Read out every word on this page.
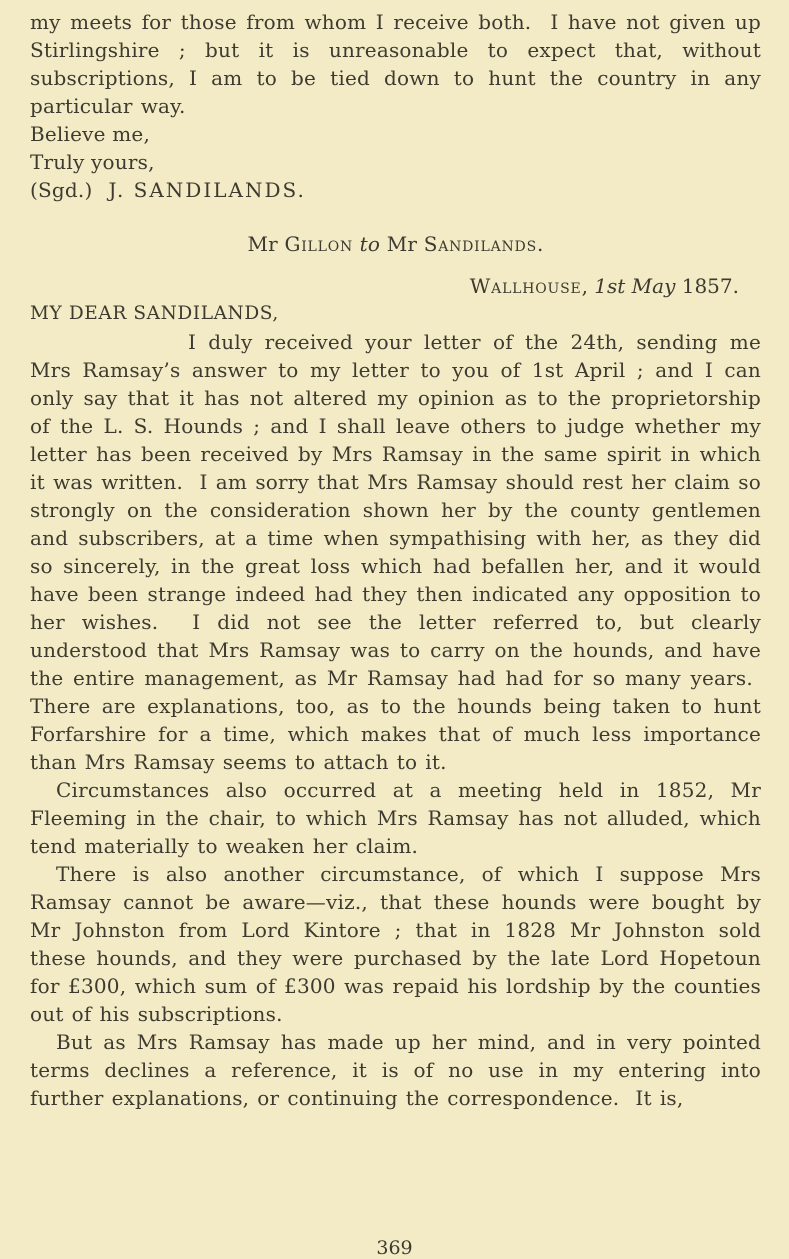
my meets for those from whom I receive both.  I have not given up Stirlingshire ; but it is unreasonable to expect that, without subscriptions, I am to be tied down to hunt the country in any particular way.

Believe me,

Truly yours,

(Sgd.) J. SANDILANDS.

Mr Gillon to Mr Sandilands.

Wallhouse, 1st May 1857.

MY DEAR SANDILANDS,

I duly received your letter of the 24th, sending me Mrs Ramsay’s answer to my letter to you of 1st April ; and I can only say that it has not altered my opinion as to the proprietorship of the L. S. Hounds ; and I shall leave others to judge whether my letter has been received by Mrs Ramsay in the same spirit in which it was written.  I am sorry that Mrs Ramsay should rest her claim so strongly on the consideration shown her by the county gentlemen and subscribers, at a time when sympathising with her, as they did so sincerely, in the great loss which had befallen her, and it would have been strange indeed had they then indicated any opposition to her wishes.  I did not see the letter referred to, but clearly understood that Mrs Ramsay was to carry on the hounds, and have the entire management, as Mr Ramsay had had for so many years.  There are explanations, too, as to the hounds being taken to hunt Forfarshire for a time, which makes that of much less importance than Mrs Ramsay seems to attach to it.

Circumstances also occurred at a meeting held in 1852, Mr Fleeming in the chair, to which Mrs Ramsay has not alluded, which tend materially to weaken her claim.

There is also another circumstance, of which I suppose Mrs Ramsay cannot be aware—viz., that these hounds were bought by Mr Johnston from Lord Kintore ; that in 1828 Mr Johnston sold these hounds, and they were purchased by the late Lord Hopetoun for £300, which sum of £300 was repaid his lordship by the counties out of his subscriptions.

But as Mrs Ramsay has made up her mind, and in very pointed terms declines a reference, it is of no use in my entering into further explanations, or continuing the correspondence.  It is,

369
